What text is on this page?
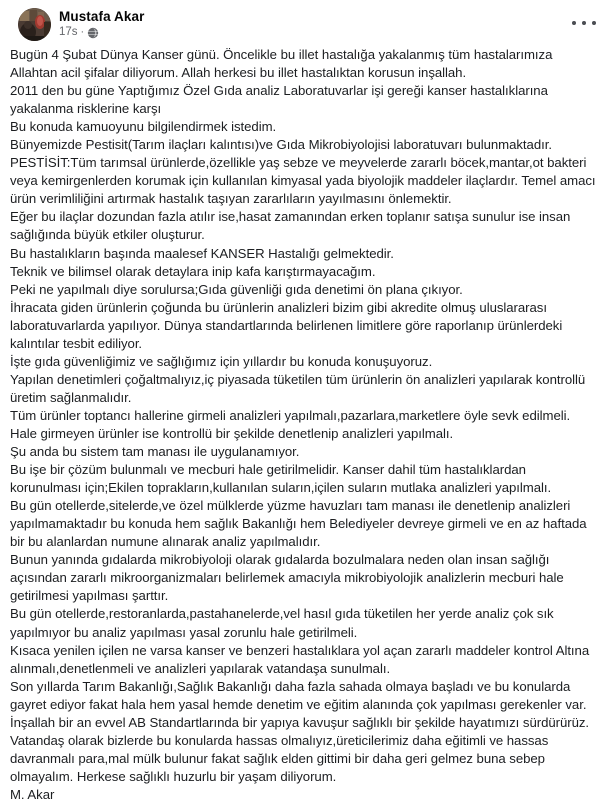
Mustafa Akar
17s ·

Bugün 4 Şubat Dünya Kanser günü. Öncelikle bu illet hastalığa yakalanmış tüm hastalarımıza Allahtan acil şifalar diliyorum. Allah herkesi bu illet hastalıktan korusun inşallah.

2011 den bu güne Yaptığımız Özel Gıda analiz Laboratuvarlar işi gereği kanser hastalıklarına yakalanma risklerine karşı

Bu konuda kamuoyunu bilgilendirmek istedim.

Bünyemizde Pestisit(Tarım ilaçları kalıntısı)ve Gıda Mikrobiyolojisi laboratuvarı bulunmaktadır.

PESTİSİT:Tüm tarımsal ürünlerde,özellikle yaş sebze ve meyvelerde zararlı böcek,mantar,ot bakteri veya kemirgenlerden korumak için kullanılan kimyasal yada biyolojik maddeler ilaçlardır. Temel amacı ürün verimliliğini artırmak hastalık taşıyan zararlıların yayılmasını önlemektir.

Eğer bu ilaçlar dozundan fazla atılır ise,hasat zamanından erken toplanır satışa sunulur ise insan sağlığında büyük etkiler oluşturur.

Bu hastalıkların başında maalesef KANSER Hastalığı gelmektedir.

Teknik ve bilimsel olarak detaylara inip kafa karıştırmayacağım.

Peki ne yapılmalı diye sorulursa;Gıda güvenliği gıda denetimi ön plana çıkıyor.

İhracata giden ürünlerin çoğunda bu ürünlerin analizleri bizim gibi akredite olmuş uluslararası laboratuvarlarda yapılıyor. Dünya standartlarında belirlenen limitlere göre raporlanıp ürünlerdeki kalıntılar tesbit ediliyor.

İşte gıda güvenliğimiz ve sağlığımız için yıllardır bu konuda konuşuyoruz.

Yapılan denetimleri çoğaltmalıyız,iç piyasada tüketilen tüm ürünlerin ön analizleri yapılarak kontrollü üretim sağlanmalıdır.

Tüm ürünler toptancı hallerine girmeli analizleri yapılmalı,pazarlara,marketlere öyle sevk edilmeli.

Hale girmeyen ürünler ise kontrollü bir şekilde denetlenip analizleri yapılmalı.

Şu anda bu sistem tam manası ile uygulanamıyor.

Bu işe bir çözüm bulunmalı ve mecburi hale getirilmelidir. Kanser dahil tüm hastalıklardan korunulması için;Ekilen toprakların,kullanılan suların,içilen suların mutlaka analizleri yapılmalı.

Bu gün otellerde,sitelerde,ve özel mülklerde yüzme havuzları tam manası ile denetlenip analizleri yapılmamaktadır bu konuda hem sağlık Bakanlığı hem Belediyeler devreye girmeli ve en az haftada bir bu alanlardan numune alınarak analiz yapılmalıdır.

Bunun yanında gıdalarda mikrobiyoloji olarak gıdalarda bozulmalara neden olan insan sağlığı açısından zararlı mikroorganizmaları belirlemek amacıyla mikrobiyolojik analizlerin mecburi hale getirilmesi yapılması şarttır.

Bu gün otellerde,restoranlarda,pastahanelerde,vel hasıl gıda tüketilen her yerde analiz çok sık yapılmıyor bu analiz yapılması yasal zorunlu hale getirilmeli.

Kısaca yenilen içilen ne varsa kanser ve benzeri hastalıklara yol açan zararlı maddeler kontrol Altına alınmalı,denetlenmeli ve analizleri yapılarak vatandaşa sunulmalı.

Son yıllarda Tarım Bakanlığı,Sağlık Bakanlığı daha fazla sahada olmaya başladı ve bu konularda gayret ediyor fakat hala hem yasal hemde denetim ve eğitim alanında çok yapılması gerekenler var. İnşallah bir an evvel AB Standartlarında bir yapıya kavuşur sağlıklı bir şekilde hayatımızı sürdürürüz. Vatandaş olarak bizlerde bu konularda hassas olmalıyız,üreticilerimiz daha eğitimli ve hassas davranmalı para,mal mülk bulunur fakat sağlık elden gittimi bir daha geri gelmez buna sebep olmayalım. Herkese sağlıklı huzurlu bir yaşam diliyorum.

M. Akar
